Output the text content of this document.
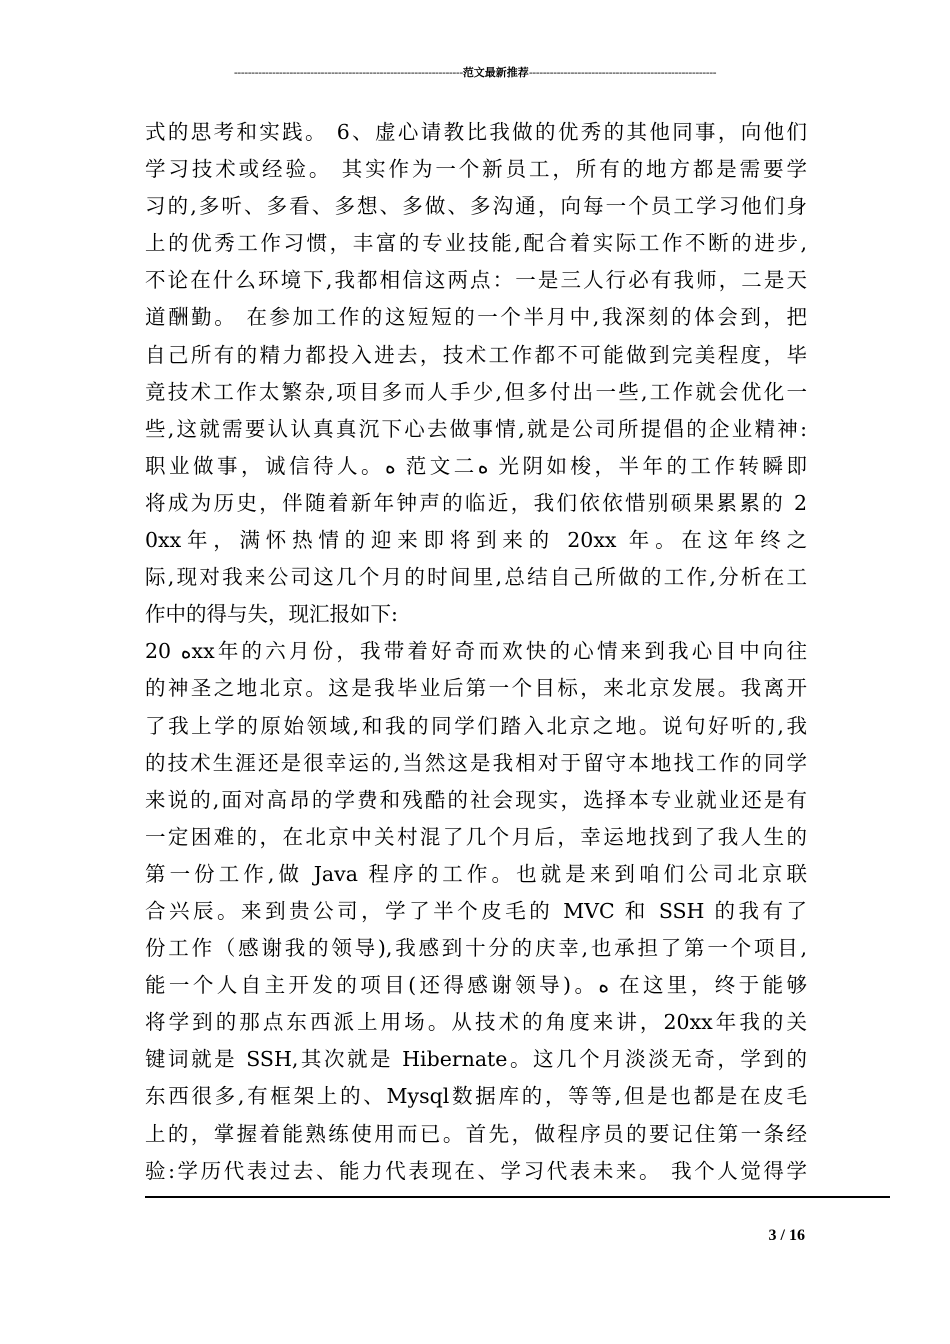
------------------------------------------------------------------范文最新推荐------------------------------------------------------
式的思考和实践。 6、虚心请教比我做的优秀的其他同事，向他们
学习技术或经验。 其实作为一个新员工，所有的地方都是需要学
习的,多听、多看、多想、多做、多沟通，向每一个员工学习他们身
上的优秀工作习惯，丰富的专业技能,配合着实际工作不断的进步,
不论在什么环境下,我都相信这两点：一是三人行必有我师，二是天
道酬勤。 在参加工作的这短短的一个半月中,我深刻的体会到，把
自己所有的精力都投入进去，技术工作都不可能做到完美程度，毕
竟技术工作太繁杂,项目多而人手少,但多付出一些,工作就会优化一
些,这就需要认认真真沉下心去做事情,就是公司所提倡的企业精神:
职业做事，诚信待人。ﻩ 范文二ﻩ 光阴如梭，半年的工作转瞬即
将成为历史，伴随着新年钟声的临近，我们依依惜别硕果累累的 2
0xx年，满怀热情的迎来即将到来的 20xx 年。在这年终之
际,现对我来公司这几个月的时间里,总结自己所做的工作,分析在工
作中的得与失，现汇报如下:
20 ﻩxx年的六月份，我带着好奇而欢快的心情来到我心目中向往
的神圣之地北京。这是我毕业后第一个目标，来北京发展。我离开
了我上学的原始领域,和我的同学们踏入北京之地。说句好听的,我
的技术生涯还是很幸运的,当然这是我相对于留守本地找工作的同学
来说的,面对高昂的学费和残酷的社会现实，选择本专业就业还是有
一定困难的，在北京中关村混了几个月后，幸运地找到了我人生的
第一份工作,做 Java 程序的工作。也就是来到咱们公司北京联
合兴辰。来到贵公司，学了半个皮毛的 MVC 和 SSH 的我有了
份工作（感谢我的领导),我感到十分的庆幸,也承担了第一个项目,
能一个人自主开发的项目(还得感谢领导)。ﻩ 在这里，终于能够
将学到的那点东西派上用场。从技术的角度来讲，20xx年我的关
键词就是 SSH,其次就是 Hibernate。这几个月淡淡无奇，学到的
东西很多,有框架上的、Mysql数据库的，等等,但是也都是在皮毛
上的，掌握着能熟练使用而已。首先，做程序员的要记住第一条经
验:学历代表过去、能力代表现在、学习代表未来。 我个人觉得学
3 / 16
